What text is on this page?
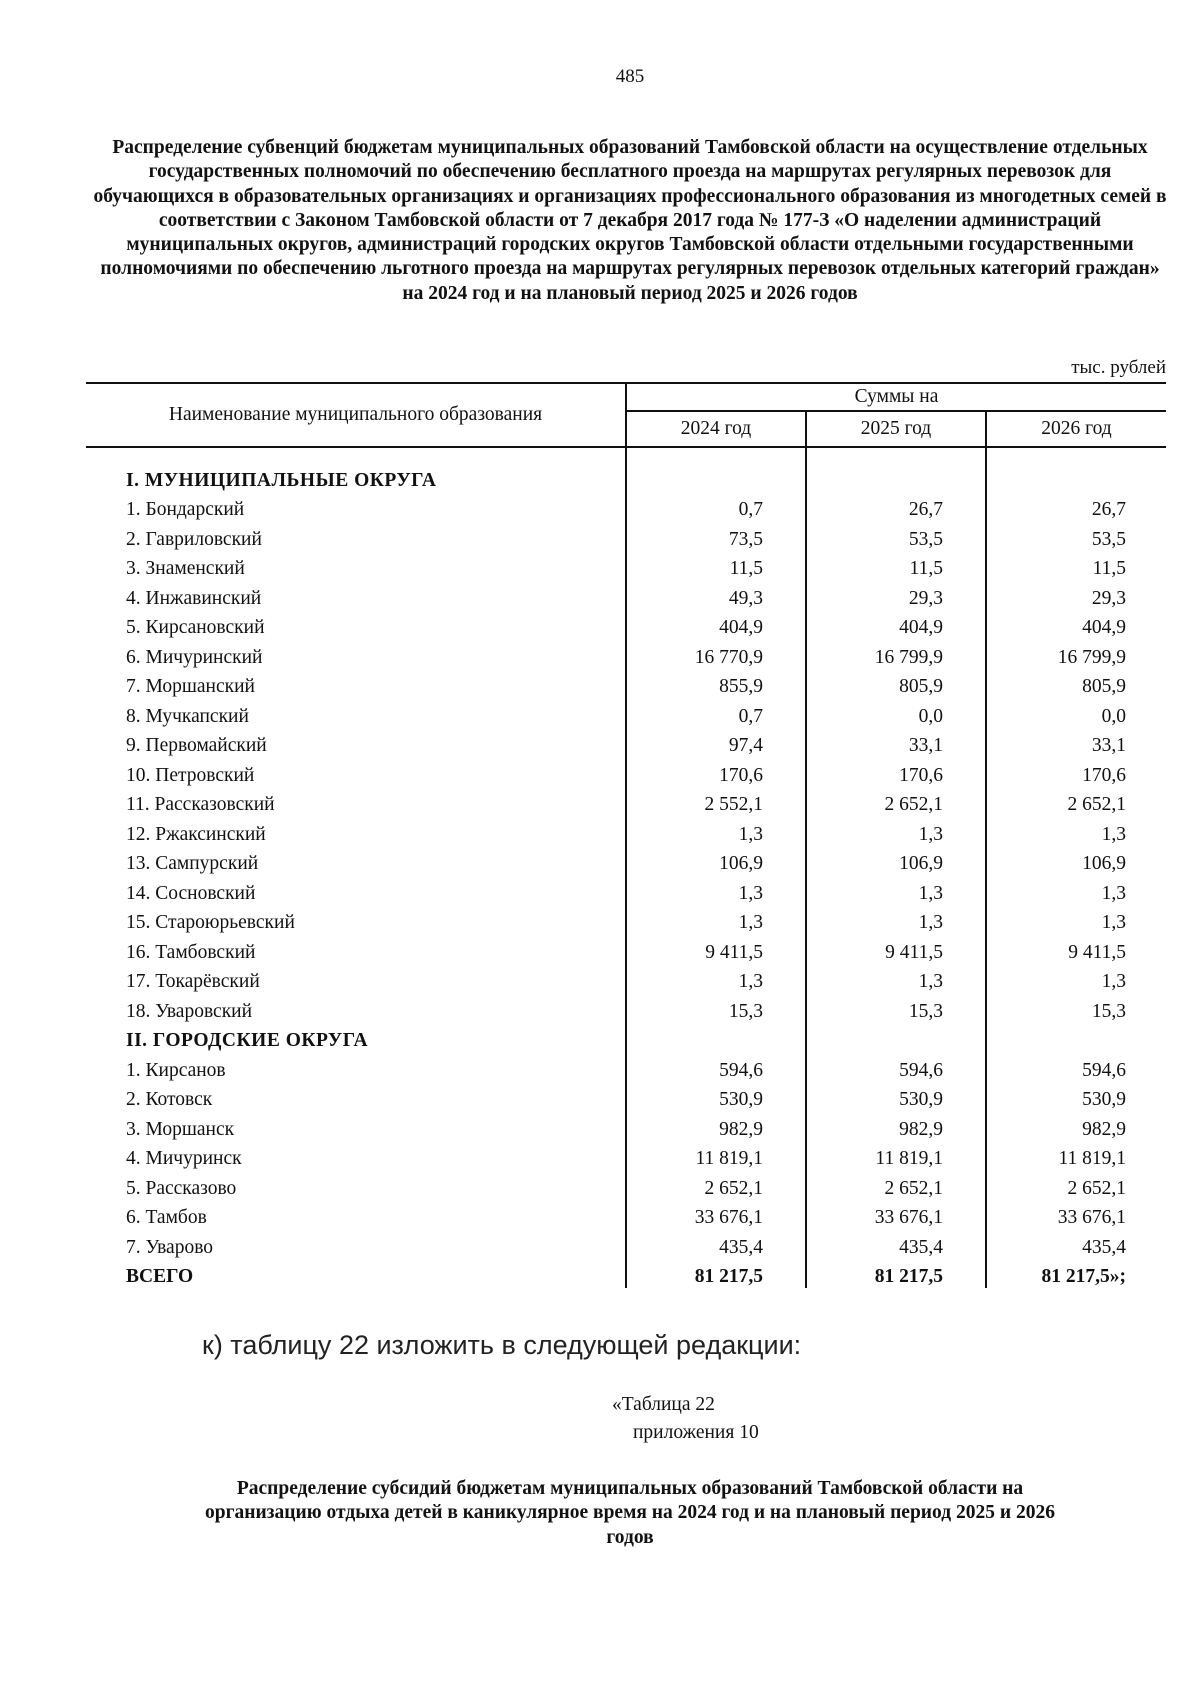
485
Распределение субвенций бюджетам муниципальных образований Тамбовской области на осуществление отдельных государственных полномочий по обеспечению бесплатного проезда на маршрутах регулярных перевозок для обучающихся в образовательных организациях и организациях профессионального образования из многодетных семей в соответствии с Законом Тамбовской области от 7 декабря 2017 года № 177-З «О наделении администраций муниципальных округов, администраций городских округов Тамбовской области отдельными государственными полномочиями по обеспечению льготного проезда на маршрутах регулярных перевозок отдельных категорий граждан» на 2024 год и на плановый период 2025 и 2026 годов
тыс. рублей
Наименование муниципального образования	Суммы на		
	2024 год	2025 год	2026 год

I. МУНИЦИПАЛЬНЫЕ ОКРУГА			
1. Бондарский	0,7	26,7	26,7
2. Гавриловский	73,5	53,5	53,5
3. Знаменский	11,5	11,5	11,5
4. Инжавинский	49,3	29,3	29,3
5. Кирсановский	404,9	404,9	404,9
6. Мичуринский	16 770,9	16 799,9	16 799,9
7. Моршанский	855,9	805,9	805,9
8. Мучкапский	0,7	0,0	0,0
9. Первомайский	97,4	33,1	33,1
10. Петровский	170,6	170,6	170,6
11. Рассказовский	2 552,1	2 652,1	2 652,1
12. Ржаксинский	1,3	1,3	1,3
13. Сампурский	106,9	106,9	106,9
14. Сосновский	1,3	1,3	1,3
15. Староюрьевский	1,3	1,3	1,3
16. Тамбовский	9 411,5	9 411,5	9 411,5
17. Токарёвский	1,3	1,3	1,3
18. Уваровский	15,3	15,3	15,3
II. ГОРОДСКИЕ ОКРУГА			
1. Кирсанов	594,6	594,6	594,6
2. Котовск	530,9	530,9	530,9
3. Моршанск	982,9	982,9	982,9
4. Мичуринск	11 819,1	11 819,1	11 819,1
5. Рассказово	2 652,1	2 652,1	2 652,1
6. Тамбов	33 676,1	33 676,1	33 676,1
7. Уварово	435,4	435,4	435,4
ВСЕГО	81 217,5	81 217,5	81 217,5»;
к) таблицу 22 изложить в следующей редакции:
«Таблица 22
приложения 10
Распределение субсидий бюджетам муниципальных образований Тамбовской области на организацию отдыха детей в каникулярное время на 2024 год и на плановый период 2025 и 2026 годов
